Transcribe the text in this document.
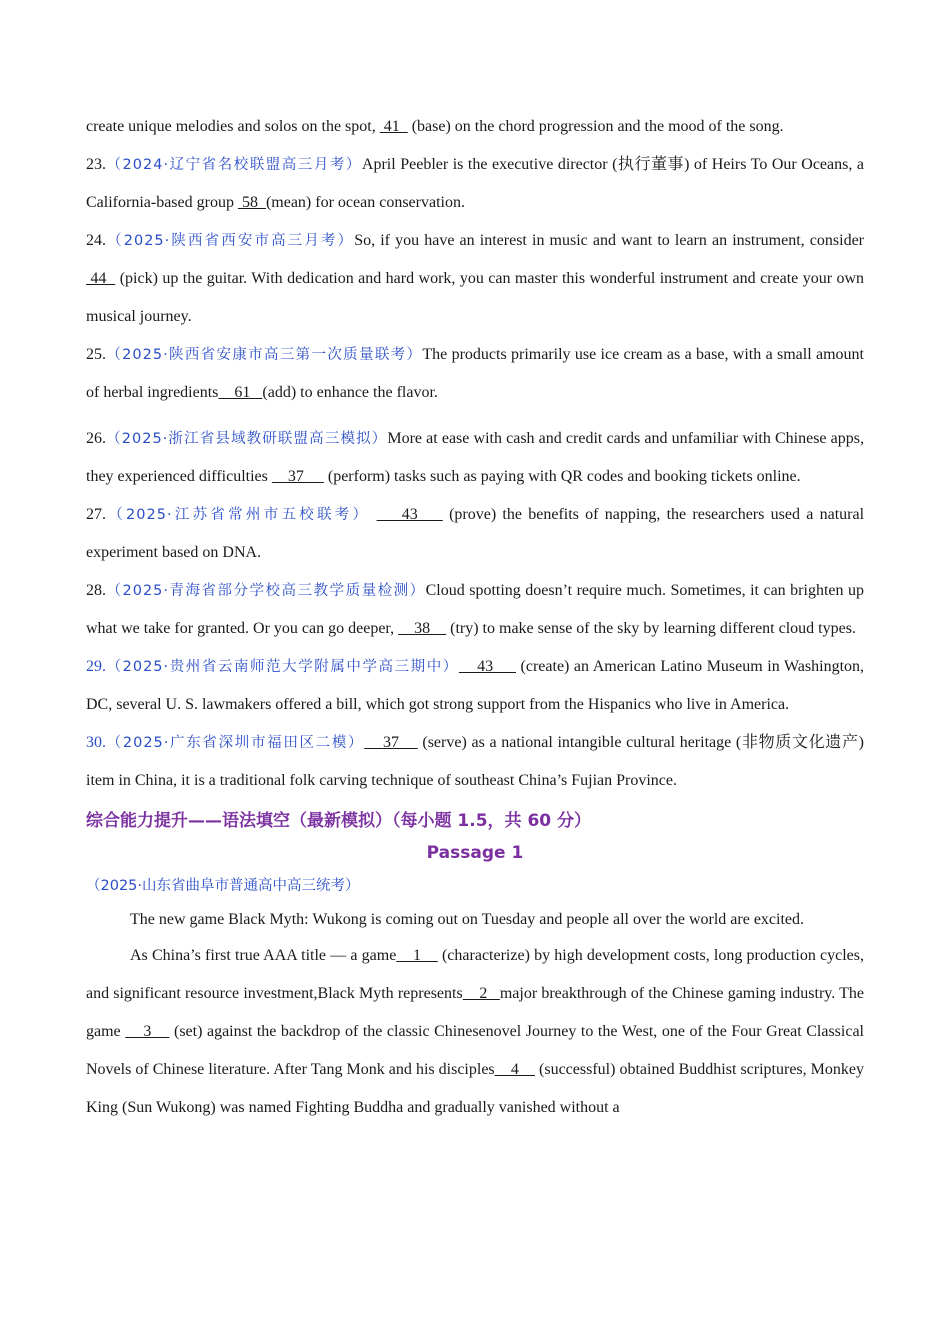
create unique melodies and solos on the spot,  41   (base) on the chord progression and the mood of the song.

23.（2024·辽宁省名校联盟高三月考）April Peebler is the executive director (执行董事) of Heirs To Our Oceans, a California-based group  58  (mean) for ocean conservation.

24.（2025·陕西省西安市高三月考）So, if you have an interest in music and want to learn an instrument, consider  44   (pick) up the guitar. With dedication and hard work, you can master this wonderful instrument and create your own musical journey.

25.（2025·陕西省安康市高三第一次质量联考）The products primarily use ice cream as a base, with a small amount of herbal ingredients    61   (add) to enhance the flavor.

26.（2025·浙江省县域教研联盟高三模拟）More at ease with cash and credit cards and unfamiliar with Chinese apps, they experienced difficulties     37      (perform) tasks such as paying with QR codes and booking tickets online.

27.（2025·江苏省常州市五校联考）     43     (prove) the benefits of napping, the researchers used a natural experiment based on DNA.

28.（2025·青海省部分学校高三教学质量检测）Cloud spotting doesn’t require much. Sometimes, it can brighten up what we take for granted. Or you can go deeper,     38     (try) to make sense of the sky by learning different cloud types.

29.（2025·贵州省云南师范大学附属中学高三期中）    43      (create) an American Latino Museum in Washington, DC, several U. S. lawmakers offered a bill, which got strong support from the Hispanics who live in America.

30.（2025·广东省深圳市福田区二模）    37     (serve) as a national intangible cultural heritage (非物质文化遗产) item in China, it is a traditional folk carving technique of southeast China’s Fujian Province.

综合能力提升——语法填空（最新模拟）（每小题 1.5，共 60 分）
Passage 1
（2025·山东省曲阜市普通高中高三统考）

The new game Black Myth: Wukong is coming out on Tuesday and people all over the world are excited.

As China’s first true AAA title — a game    1     (characterize) by high development costs, long production cycles, and significant resource investment,Black Myth represents    2   major breakthrough of the Chinese gaming industry. The game     3     (set) against the backdrop of the classic Chinesenovel Journey to the West, one of the Four Great Classical Novels of Chinese literature. After Tang Monk and his disciples    4     (successful) obtained Buddhist scriptures, Monkey King (Sun Wukong) was named Fighting Buddha and gradually vanished without a
